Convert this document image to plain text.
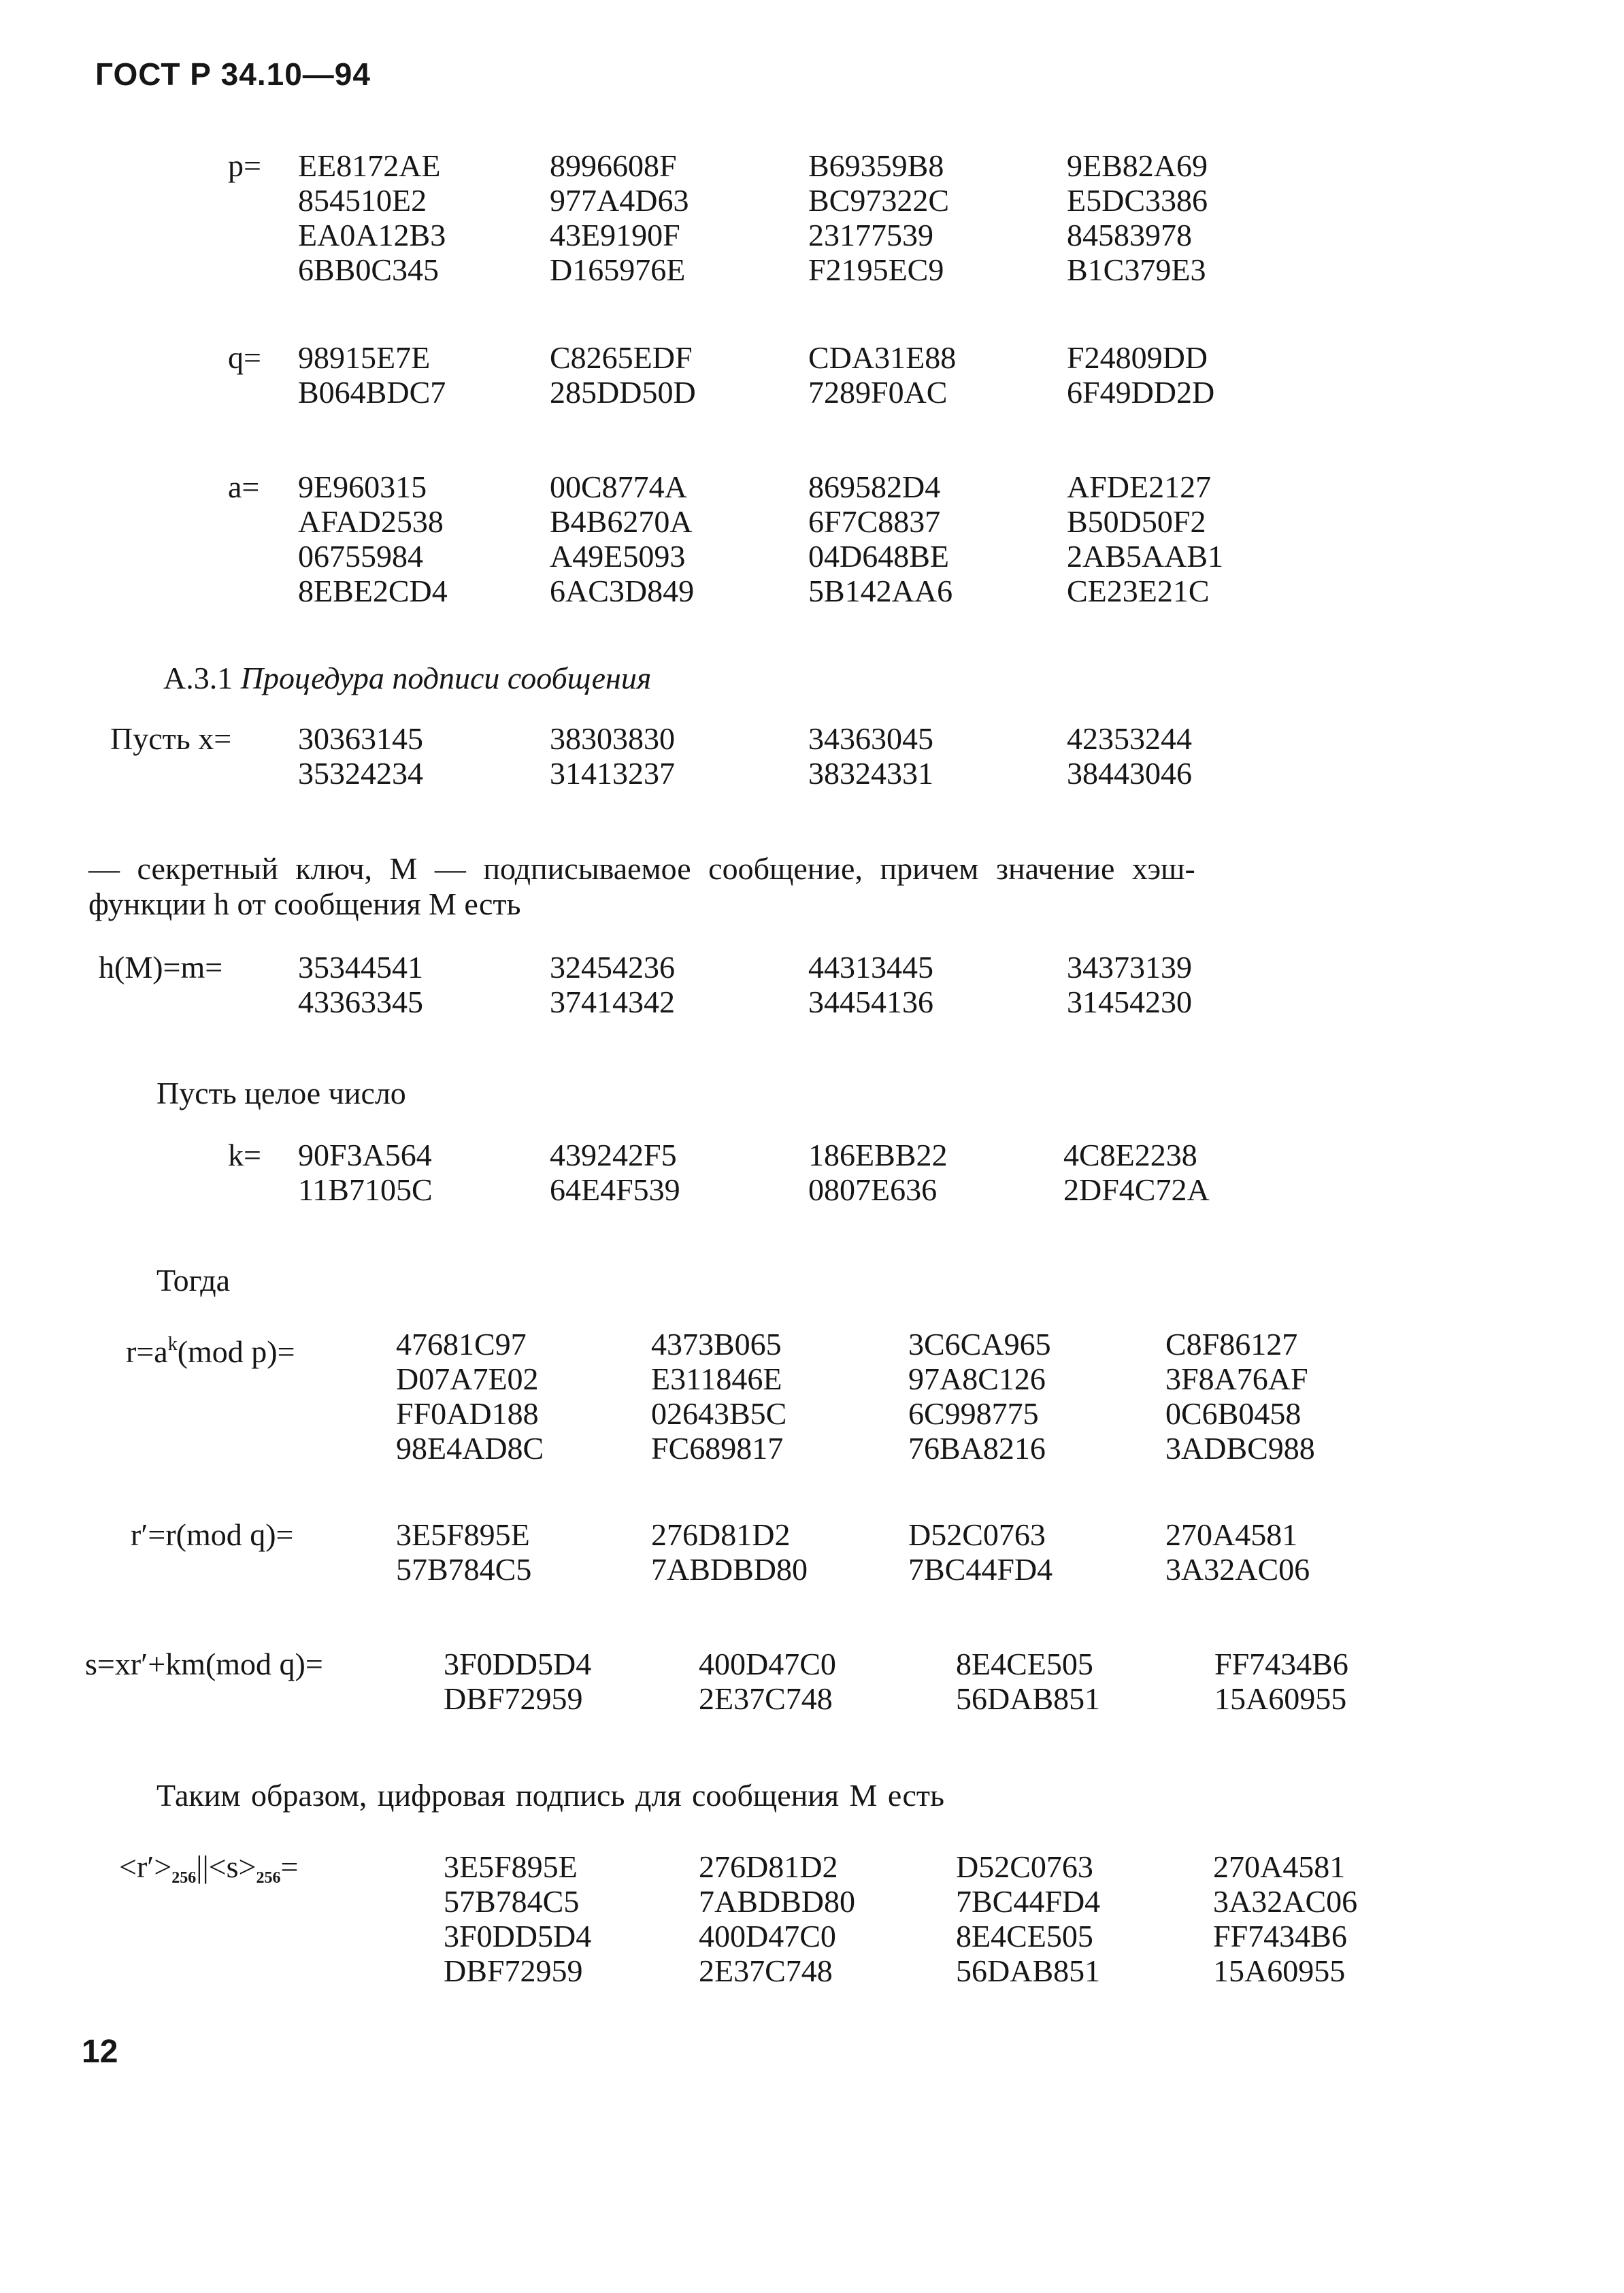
ГОСТ Р 34.10—94
p= EE8172AE	8996608F	B69359B8	9EB82A69
854510E2	977A4D63	BC97322C	E5DC3386
EA0A12B3	43E9190F	23177539	84583978
6BB0C345	D165976E	F2195EC9	B1C379E3
q= 98915E7E	C8265EDF	CDA31E88	F24809DD
B064BDC7	285DD50D	7289F0AC	6F49DD2D
a= 9E960315	00C8774A	869582D4	AFDE2127
AFAD2538	B4B6270A	6F7C8837	B50D50F2
06755984	A49E5093	04D648BE	2AB5AAB1
8EBE2CD4	6AC3D849	5B142AA6	CE23E21C
A.3.1 Процедура подписи сообщения
Пусть x= 30363145	38303830	34363045	42353244
35324234	31413237	38324331	38443046
— секретный ключ, M — подписываемое сообщение, причем значение хэш-
функции h от сообщения M есть
h(M)=m= 35344541	32454236	44313445	34373139
43363345	37414342	34454136	31454230
Пусть целое число
k= 90F3A564	439242F5	186EBB22	4C8E2238
11B7105C	64E4F539	0807E636	2DF4C72A
Тогда
$r=a^k(mod$ p)=	47681C97	4373B065	3C6CA965	C8F86127
D07A7E02	E311846E	97A8C126	3F8A76AF
FF0AD188	02643B5C	6C998775	0C6B0458
98E4AD8C	FC689817	76BA8216	3ADBC988
r′=r(mod q)=	3E5F895E	276D81D2	D52C0763	270A4581
57B784C5	7ABDBD80	7BC44FD4	3A32AC06
s=xr′+km(mod q)=	3F0DD5D4	400D47C0	8E4CE505	FF7434B6
DBF72959	2E37C748	56DAB851	15A60955
Таким образом, цифровая подпись для сообщения M есть
$<r'>_{256}||<s>_{256}=$	3E5F895E	276D81D2	D52C0763	270A4581
57B784C5	7ABDBD80	7BC44FD4	3A32AC06
3F0DD5D4	400D47C0	8E4CE505	FF7434B6
DBF72959	2E37C748	56DAB851	15A60955
12
